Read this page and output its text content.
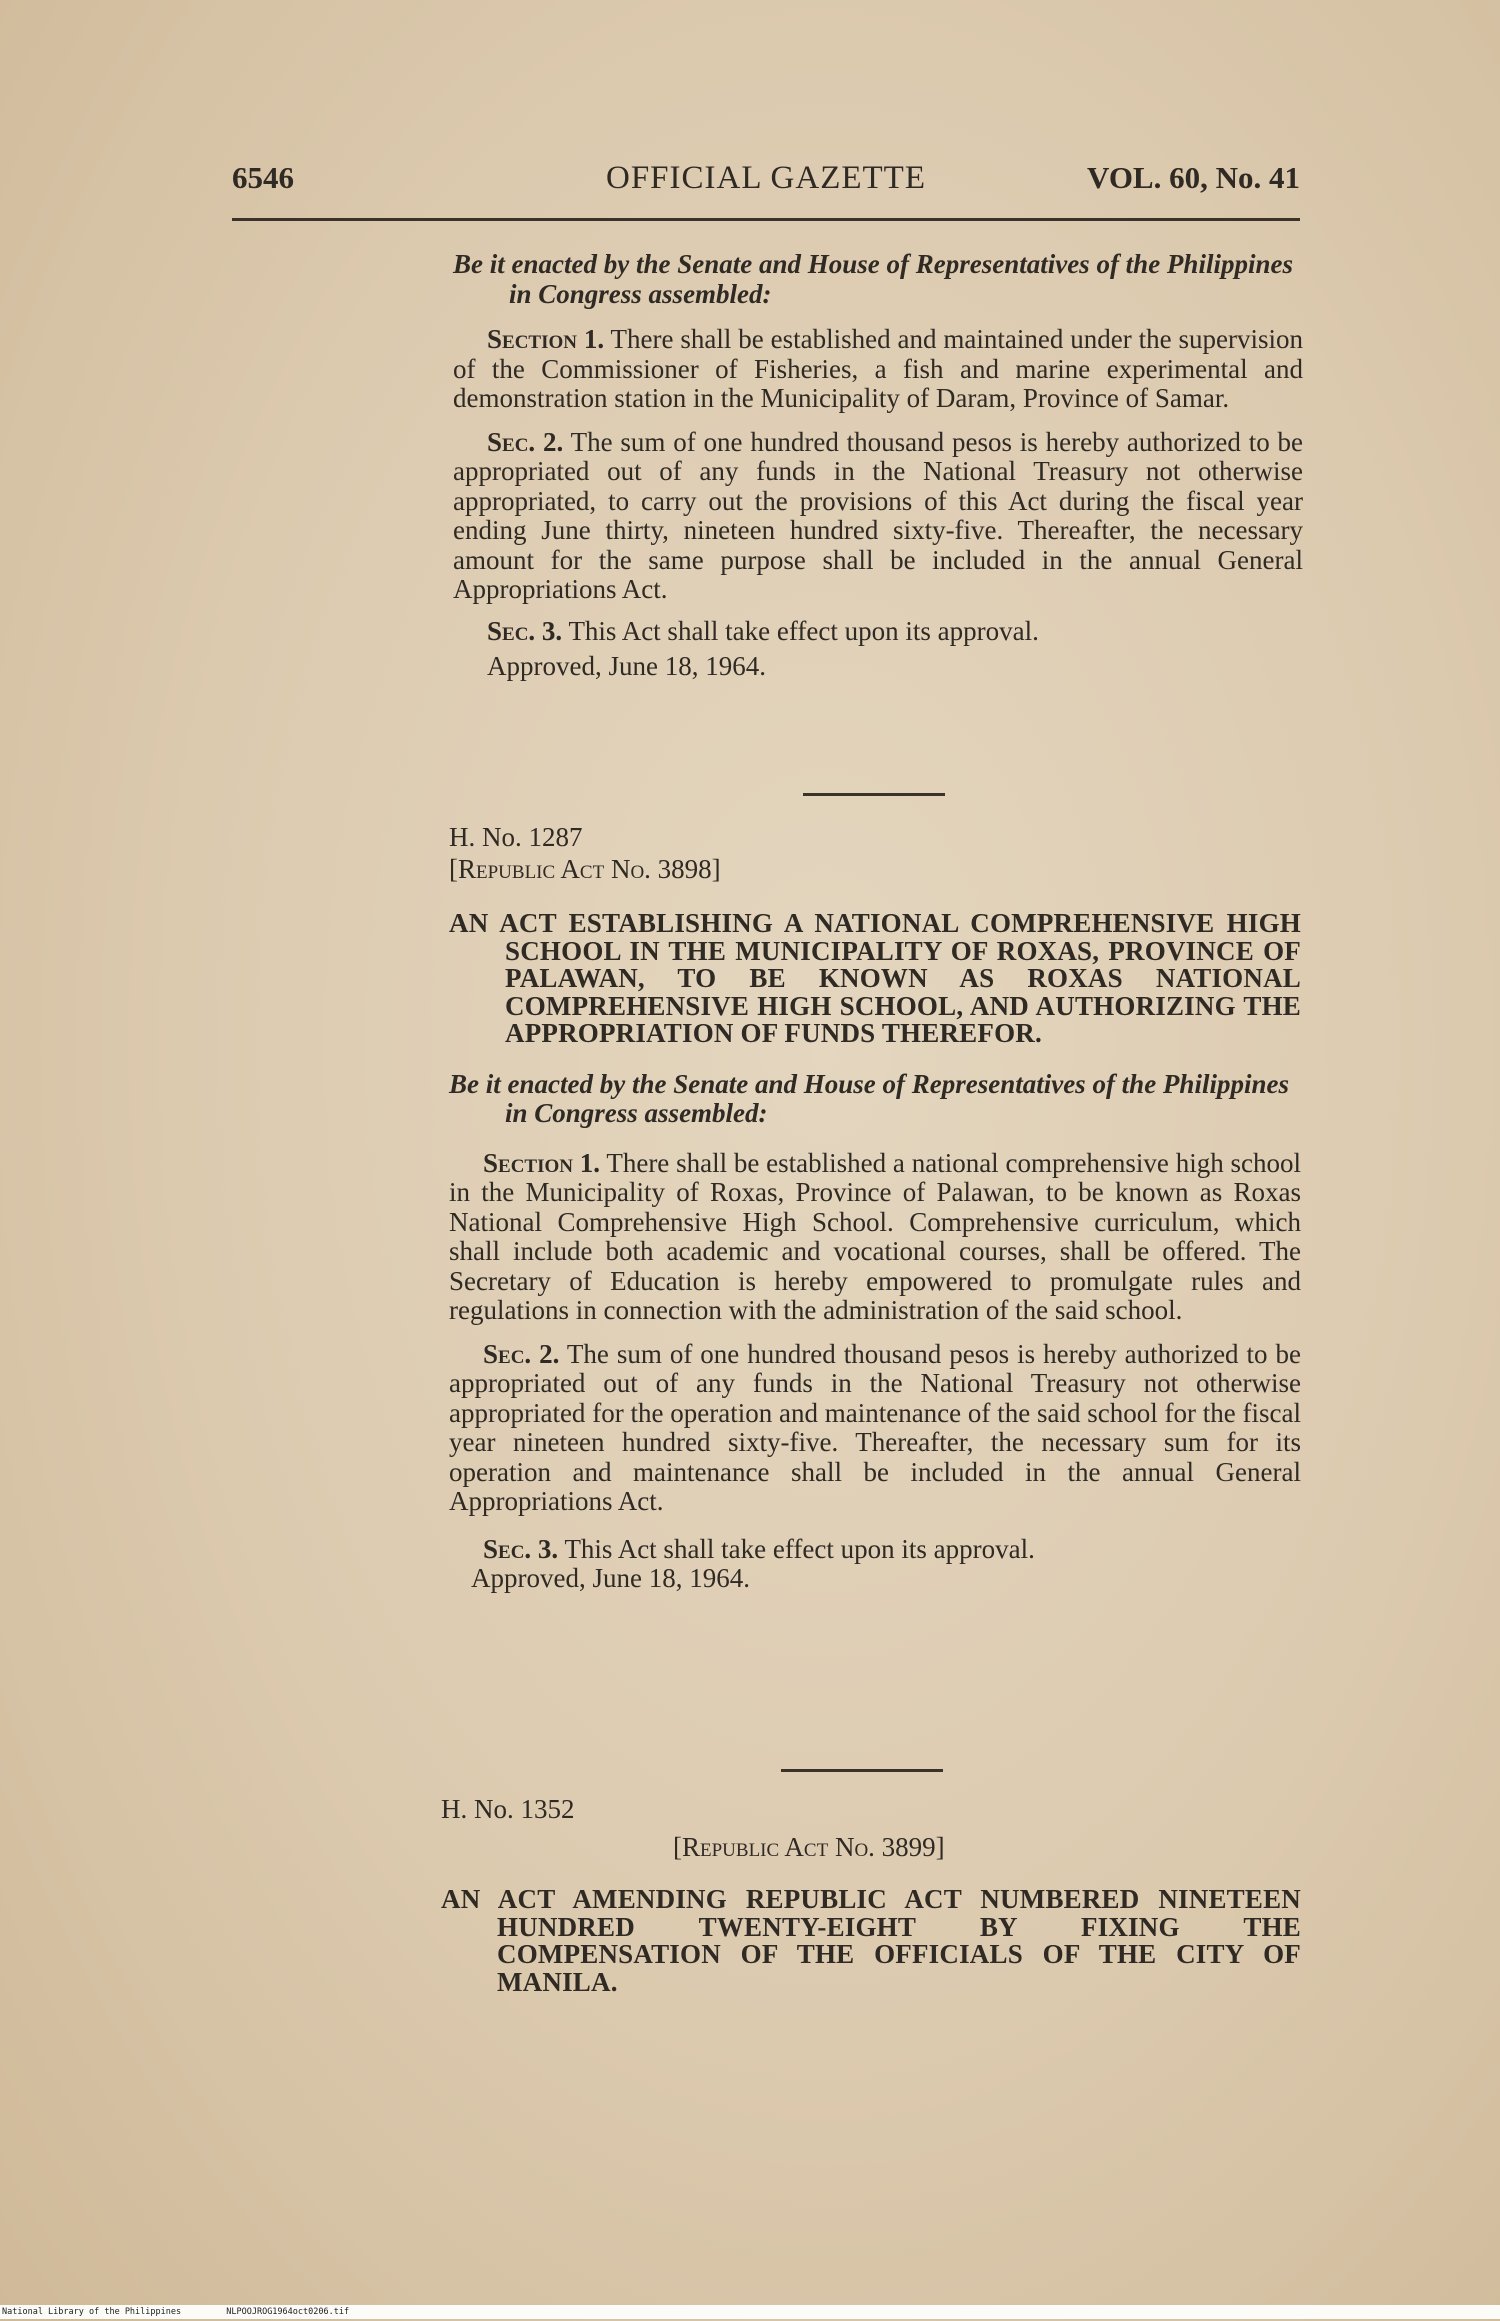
6546	OFFICIAL GAZETTE	VOL. 60, No. 41

Be it enacted by the Senate and House of Representatives of the Philippines in Congress assembled:

Section 1. There shall be established and maintained under the supervision of the Commissioner of Fisheries, a fish and marine experimental and demonstration station in the Municipality of Daram, Province of Samar.

Sec. 2. The sum of one hundred thousand pesos is hereby authorized to be appropriated out of any funds in the National Treasury not otherwise appropriated, to carry out the provisions of this Act during the fiscal year ending June thirty, nineteen hundred sixty-five. Thereafter, the necessary amount for the same purpose shall be included in the annual General Appropriations Act.

Sec. 3. This Act shall take effect upon its approval.

Approved, June 18, 1964.

H. No. 1287

[Republic Act No. 3898]

AN ACT ESTABLISHING A NATIONAL COMPREHENSIVE HIGH SCHOOL IN THE MUNICIPALITY OF ROXAS, PROVINCE OF PALAWAN, TO BE KNOWN AS ROXAS NATIONAL COMPREHENSIVE HIGH SCHOOL, AND AUTHORIZING THE APPROPRIATION OF FUNDS THEREFOR.

Be it enacted by the Senate and House of Representatives of the Philippines in Congress assembled:

Section 1. There shall be established a national comprehensive high school in the Municipality of Roxas, Province of Palawan, to be known as Roxas National Comprehensive High School. Comprehensive curriculum, which shall include both academic and vocational courses, shall be offered. The Secretary of Education is hereby empowered to promulgate rules and regulations in connection with the administration of the said school.

Sec. 2. The sum of one hundred thousand pesos is hereby authorized to be appropriated out of any funds in the National Treasury not otherwise appropriated for the operation and maintenance of the said school for the fiscal year nineteen hundred sixty-five. Thereafter, the necessary sum for its operation and maintenance shall be included in the annual General Appropriations Act.

Sec. 3. This Act shall take effect upon its approval.

Approved, June 18, 1964.

H. No. 1352

[Republic Act No. 3899]

AN ACT AMENDING REPUBLIC ACT NUMBERED NINETEEN HUNDRED TWENTY-EIGHT BY FIXING THE COMPENSATION OF THE OFFICIALS OF THE CITY OF MANILA.

National Library of the Philippines	NLPOOJROG1964oct0206.tif
